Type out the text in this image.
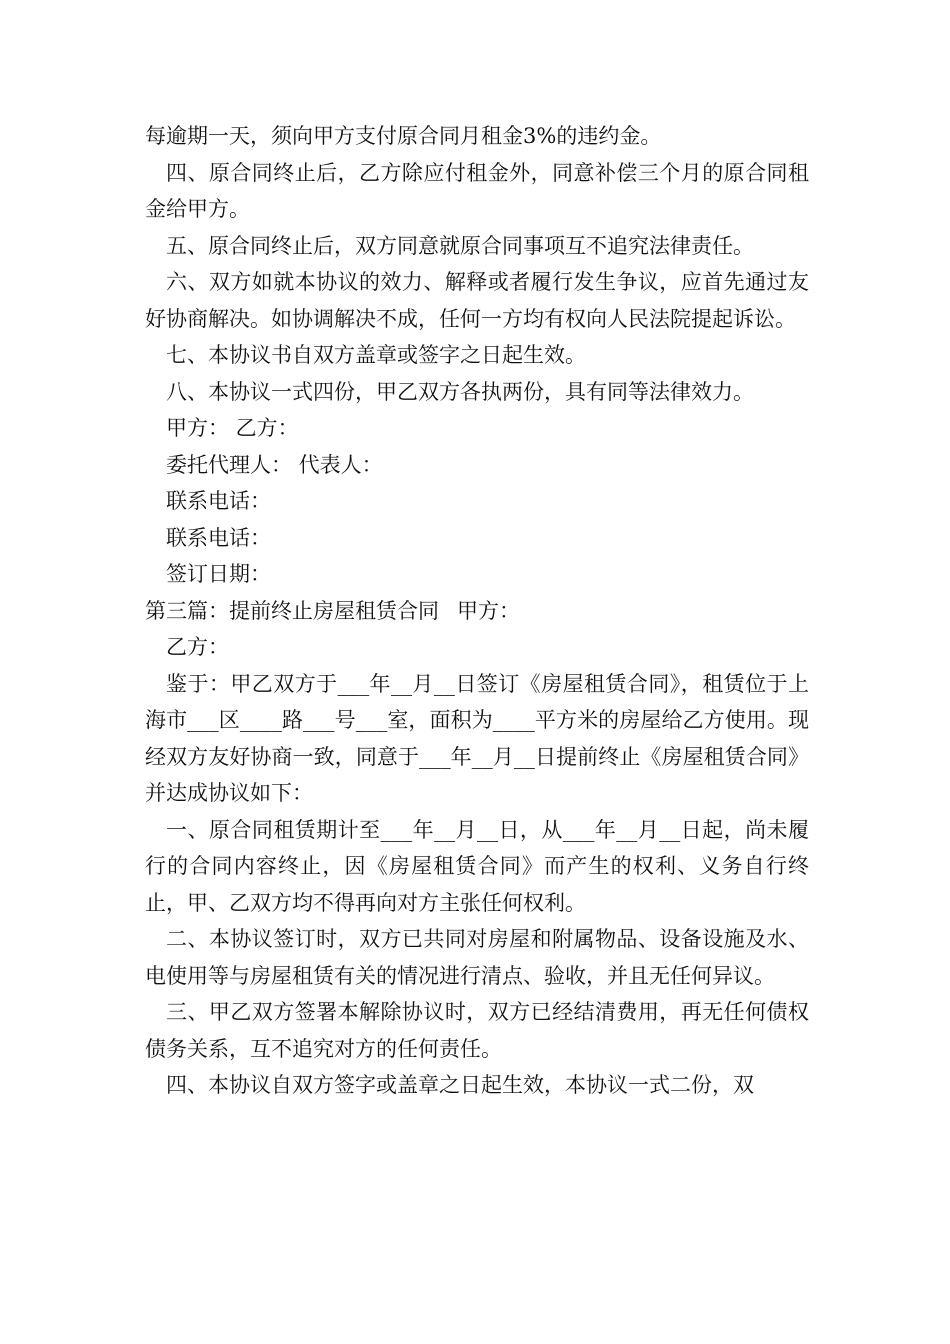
每逾期一天，须向甲方支付原合同月租金3%的违约金。

四、原合同终止后，乙方除应付租金外，同意补偿三个月的原合同租金给甲方。

五、原合同终止后，双方同意就原合同事项互不追究法律责任。

六、双方如就本协议的效力、解释或者履行发生争议，应首先通过友好协商解决。如协调解决不成，任何一方均有权向人民法院提起诉讼。

七、本协议书自双方盖章或签字之日起生效。

八、本协议一式四份，甲乙双方各执两份，具有同等法律效力。

甲方： 乙方：

委托代理人： 代表人：

联系电话：

联系电话：

签订日期：

第三篇：提前终止房屋租赁合同 甲方：

乙方：

鉴于：甲乙双方于___年__月__日签订《房屋租赁合同》，租赁位于上海市___区____路___号___室，面积为____平方米的房屋给乙方使用。现经双方友好协商一致，同意于___年__月__日提前终止《房屋租赁合同》并达成协议如下：

一、原合同租赁期计至___年__月__日，从___年__月__日起，尚未履行的合同内容终止，因《房屋租赁合同》而产生的权利、义务自行终止，甲、乙双方均不得再向对方主张任何权利。

二、本协议签订时，双方已共同对房屋和附属物品、设备设施及水、电使用等与房屋租赁有关的情况进行清点、验收，并且无任何异议。

三、甲乙双方签署本解除协议时，双方已经结清费用，再无任何债权债务关系，互不追究对方的任何责任。

四、本协议自双方签字或盖章之日起生效，本协议一式二份，双
